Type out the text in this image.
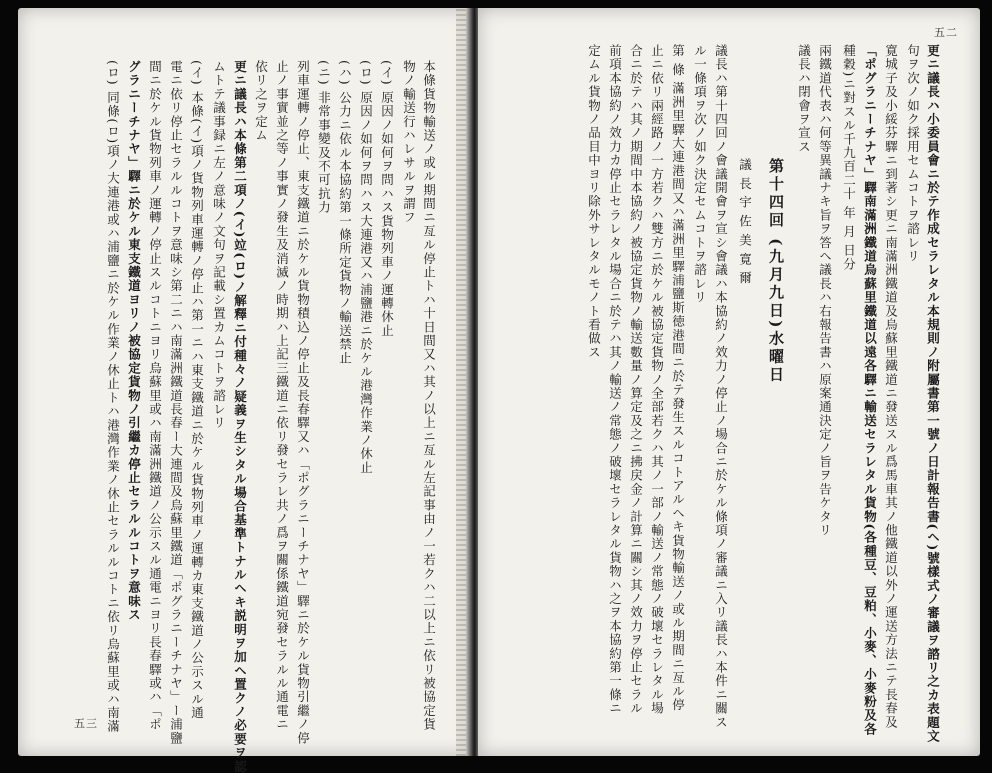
五三	本條貨物輸送ノ或ル期間ニ亙ル停止トハ十日間又ハ其ノ以上ニ亙ル左記事由ノ一若クハ二以上ニ依リ被協定貨
物ノ輸送行ハレサルヲ謂フ
(イ) 原因ノ如何ヲ問ハス貨物列車ノ運轉休止
(ロ) 原因ノ如何ヲ問ハス大連港又ハ浦鹽港ニ於ケル港灣作業ノ休止
(ハ) 公力ニ依ル本協約第一條所定貨物ノ輸送禁止
(ニ) 非常事變及不可抗力
列車運轉ノ停止、東支鐵道ニ於ケル貨物積込ノ停止及長春驛又ハ「ポグラニーチナヤ」驛ニ於ケル貨物引繼ノ停
止ノ事實並之等ノ事實ノ發生及消滅ノ時期ハ上記三鐵道ニ依リ發セラレ共ノ爲ヲ關係鐵道宛發セラルル通電ニ
依リ之ヲ定ム
更ニ議長ハ本條第二項ノ(イ)竝(ロ)ノ解釋ニ付種々ノ疑義ヲ生シタル場合基準トナルヘキ説明ヲ加ヘ置クノ必要ヲ認
ムトテ議事録ニ左ノ意味ノ文句ヲ記載シ置カムコトヲ諮レリ
(イ) 本條(イ)項ノ貨物列車運轉ノ停止ハ第一ニハ東支鐵道ニ於ケル貨物列車ノ運轉カ東支鐵道ノ公示スル通
電ニ依リ停止セラルルコトヲ意味シ第二ニハ南滿洲鐵道長春ー大連間及烏蘇里鐵道「ポグラニーチナヤ」ー浦鹽
間ニ於ケル貨物列車ノ運轉ノ停止スルコトニヨリ烏蘇里或ハ南滿洲鐵道ノ公示スル通電ニヨリ長春驛或ハ「ポ
グラニーチナヤ」驛ニ於ケル東支鐵道ヨリノ被協定貨物ノ引繼カ停止セラルルコトヲ意味ス
(ロ) 同條(ロ)項ノ大連港或ハ浦鹽ニ於ケル作業ノ休止トハ港灣作業ノ休止セラルルコトニ依リ烏蘇里或ハ南滿
五二
更ニ議長ハ小委員會ニ於テ作成セラレタル本規則ノ附屬書第一號ノ日計報告書(ヘ)號樣式ノ審議ヲ諮リ之カ表題文
句ヲ次ノ如ク採用セムコトヲ諮レリ
寛城子及小綏芬驛ニ到著シ更ニ南滿洲鐵道及烏蘇里鐵道ニ發送スル爲馬車其ノ他鐵道以外ノ運送方法ニテ長春及
「ポグラニーチナヤ」驛南滿洲鐵道烏蘇里鐵道以遠各驛ニ輸送セラレタル貨物(各種豆、豆粕、小麥、小麥粉及各
種穀)ニ對スル千九百二十 年 月 日分
兩鐵道代表ハ何等異議ナキ旨ヲ答ヘ議長ハ右報告書ハ原案通決定ノ旨ヲ告ケタリ
議長ハ閉會ヲ宣ス
第十四回 (九月九日)水曜日
議 長 宇 佐 美 寛 爾
議長ハ第十四回ノ會議開會ヲ宣シ會議ハ本協約ノ效力ノ停止ノ場合ニ於ケル條項ノ審議ニ入リ議長ハ本件ニ關ス
ル一條項ヲ次ノ如ク決定セムコトヲ諮レリ
第 條 滿洲里驛大連港間又ハ滿洲里驛浦鹽斯徳港間ニ於テ發生スルコトアルヘキ貨物輸送ノ或ル期間ニ亙ル停
止ニ依リ兩經路ノ一方若クハ雙方ニ於ケル被協定貨物ノ全部若クハ其ノ一部ノ輸送ノ常態ノ破壞セラレタル場
合ニ於テハ其ノ期間中本協約ノ被協定貨物ノ輸送數量ノ算定及之ニ拂戻金ノ計算ニ關シ其ノ效力ヲ停止セラル
前項本協約ノ效力カ停止セラレタル場合ニ於テハ其ノ輸送ノ常態ノ破壞セラレタル貨物ハ之ヲ本協約第一條ニ
定ムル貨物ノ品目中ヨリ除外サレタルモノト看做ス
